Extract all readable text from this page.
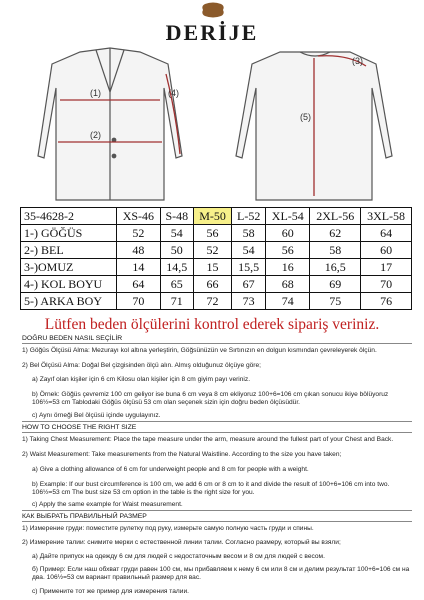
DERİJE
(1)
(2)
(4)
(3)
(5)
35-4628-2	XS-46	S-48	M-50	L-52	XL-54	2XL-56	3XL-58
1-) GÖĞÜS	52	54	56	58	60	62	64
2-) BEL	48	50	52	54	56	58	60
3-)OMUZ	14	14,5	15	15,5	16	16,5	17
4-) KOL BOYU	64	65	66	67	68	69	70
5-) ARKA BOY	70	71	72	73	74	75	76
Lütfen beden ölçülerini kontrol ederek sipariş veriniz.
DOĞRU BEDEN NASIL SEÇİLİR
1) Göğüs Ölçüsü Alma: Mezurayı kol altına yerleştirin, Göğsünüzün ve Sırtınızın en dolgun kısmından çevreleyerek ölçün.
2) Bel Ölçüsü Alma: Doğal Bel çizgisinden ölçü alın. Almış olduğunuz ölçüye göre;
a) Zayıf olan kişiler için 6 cm Kilosu olan kişiler için 8 cm giyim payı veriniz.
b) Örnek: Göğüs çevremiz 100 cm geliyor ise buna 6 cm veya 8 cm ekliyoruz 100+6=106 cm çıkan sonucu ikiye bölüyoruz 106½=53 cm Tablodaki Göğüs ölçüsü 53 cm olan seçenek sizin için doğru beden ölçüsüdür.
c) Aynı örneği Bel ölçüsü içinde uygulayınız.
HOW TO CHOOSE THE RIGHT SIZE
1) Taking Chest Measurement: Place the tape measure under the arm, measure around the fullest part of your Chest and Back.
2) Waist Measurement: Take measurements from the Natural Waistline. According to the size you have taken;
a) Give a clothing allowance of 6 cm for underweight people and 8 cm for people with a weight.
b) Example: If our bust circumference is 100 cm, we add 6 cm or 8 cm to it and divide the result of 100+6=106 cm into two. 106½=53 cm The bust size 53 cm option in the table is the right size for you.
c) Apply the same example for Waist measurement.
КАК ВЫБРАТЬ ПРАВИЛЬНЫЙ РАЗМЕР
1) Измерение груди: поместите рулетку под руку, измерьте самую полную часть груди и спины.
2) Измерение талии: снимите мерки с естественной линии талии. Согласно размеру, который вы взяли;
а) Дайте припуск на одежду 6 см для людей с недостаточным весом и 8 см для людей с весом.
б) Пример: Если наш обхват груди равен 100 см, мы прибавляем к нему 6 см или 8 см и делим результат 100+6=106 см на два. 106½=53 см вариант правильный размер для вас.
с) Примените тот же пример для измерения талии.
